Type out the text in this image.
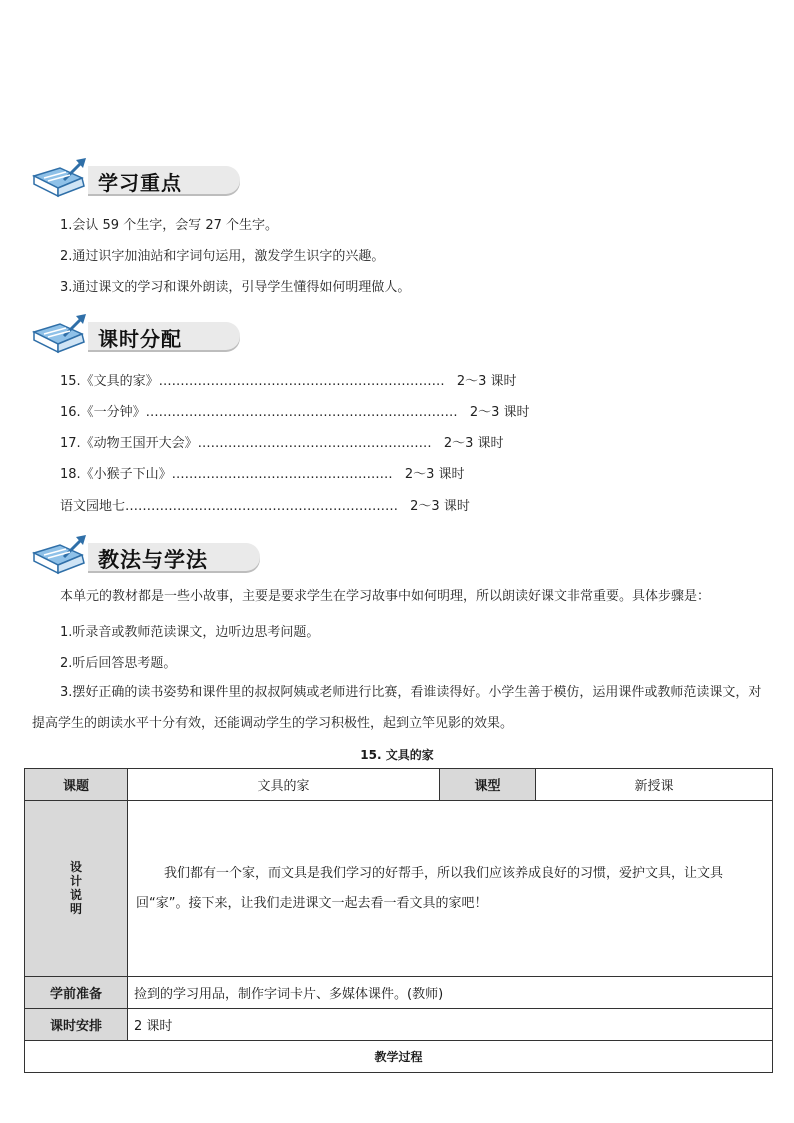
学习重点
1.会认 59 个生字，会写 27 个生字。
2.通过识字加油站和字词句运用，激发学生识字的兴趣。
3.通过课文的学习和课外朗读，引导学生懂得如何明理做人。
课时分配
15.《文具的家》………………………………………………………… 2～3 课时
16.《一分钟》……………………………………………………………… 2～3 课时
17.《动物王国开大会》……………………………………………… 2～3 课时
18.《小猴子下山》…………………………………………… 2～3 课时
语文园地七……………………………………………………… 2～3 课时
教法与学法
本单元的教材都是一些小故事，主要是要求学生在学习故事中如何明理，所以朗读好课文非常重要。具体步骤是：
1.听录音或教师范读课文，边听边思考问题。
2.听后回答思考题。
3.摆好正确的读书姿势和课件里的叔叔阿姨或老师进行比赛，看谁读得好。小学生善于模仿，运用课件或教师范读课文，对提高学生的朗读水平十分有效，还能调动学生的学习积极性，起到立竿见影的效果。
15. 文具的家
课题	文具的家	课型	新授课
设
计
说
明	我们都有一个家，而文具是我们学习的好帮手，所以我们应该养成良好的习惯，爱护文具，让文具回“家”。接下来，让我们走进课文一起去看一看文具的家吧！		
学前准备	捡到的学习用品，制作字词卡片、多媒体课件。(教师)		
课时安排	2 课时		
教学过程			
